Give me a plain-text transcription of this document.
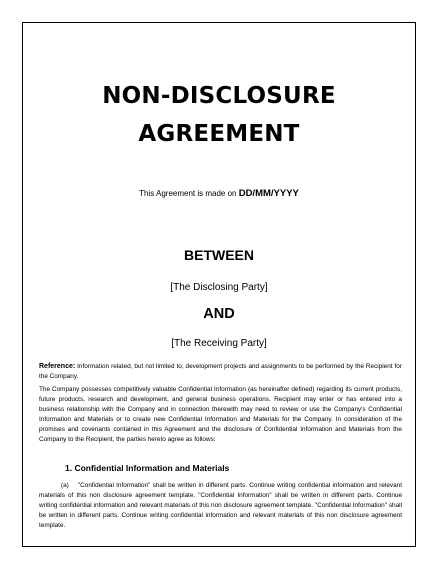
NON-DISCLOSURE
AGREEMENT
This Agreement is made on DD/MM/YYYY
BETWEEN
[The Disclosing Party]
AND
[The Receiving Party]
Reference: Information related, but not limited to, development projects and assignments to be performed by the Recipient for the Company.
The Company possesses competitively valuable Confidential Information (as hereinafter defined) regarding its current products, future products, research and development, and general business operations. Recipient may enter or has entered into a business relationship with the Company and in connection therewith may need to review or use the Company's Confidential Information and Materials or to create new Confidential Information and Materials for the Company. In consideration of the promises and covenants contained in this Agreement and the disclosure of Confidential Information and Materials from the Company to the Recipient, the parties hereto agree as follows:
1. Confidential Information and Materials
(a)    "Confidential Information" shall be written in different parts. Continue writing confidential information and relevant materials of this non disclosure agreement template. "Confidential Information" shall be written in different parts. Continue writing confidential information and relevant materials of this non disclosure agreement template. "Confidential Information" shall be written in different parts. Continue writing confidential information and relevant materials of this non disclosure agreement template.
